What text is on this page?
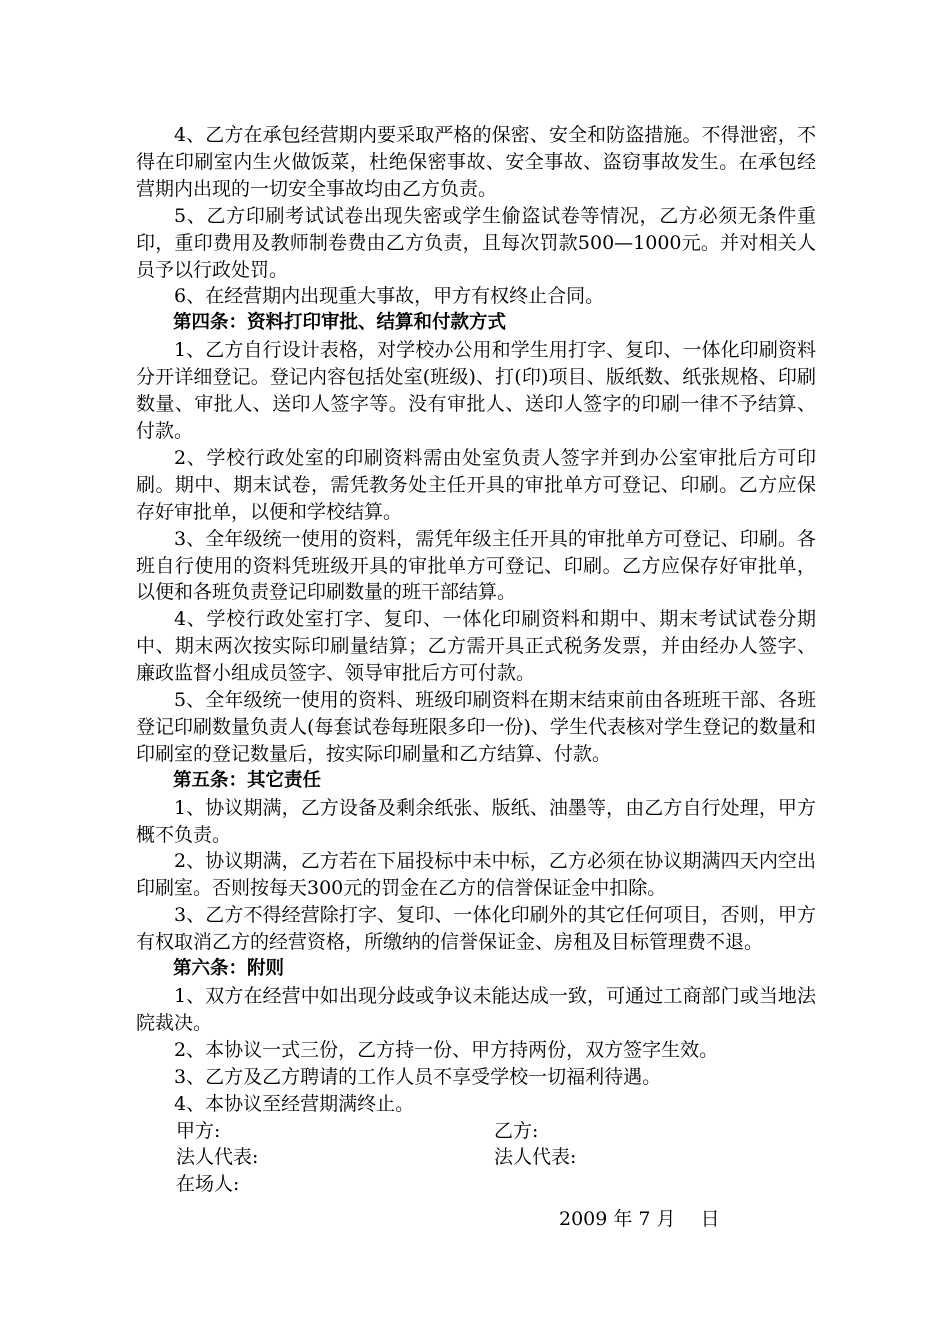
4、乙方在承包经营期内要采取严格的保密、安全和防盗措施。不得泄密，不得在印刷室内生火做饭菜，杜绝保密事故、安全事故、盗窃事故发生。在承包经营期内出现的一切安全事故均由乙方负责。

5、乙方印刷考试试卷出现失密或学生偷盗试卷等情况，乙方必须无条件重印，重印费用及教师制卷费由乙方负责，且每次罚款500—1000元。并对相关人员予以行政处罚。

6、在经营期内出现重大事故，甲方有权终止合同。

第四条：资料打印审批、结算和付款方式

1、乙方自行设计表格，对学校办公用和学生用打字、复印、一体化印刷资料分开详细登记。登记内容包括处室(班级)、打(印)项目、版纸数、纸张规格、印刷数量、审批人、送印人签字等。没有审批人、送印人签字的印刷一律不予结算、付款。

2、学校行政处室的印刷资料需由处室负责人签字并到办公室审批后方可印刷。期中、期末试卷，需凭教务处主任开具的审批单方可登记、印刷。乙方应保存好审批单，以便和学校结算。

3、全年级统一使用的资料，需凭年级主任开具的审批单方可登记、印刷。各班自行使用的资料凭班级开具的审批单方可登记、印刷。乙方应保存好审批单，以便和各班负责登记印刷数量的班干部结算。

4、学校行政处室打字、复印、一体化印刷资料和期中、期末考试试卷分期中、期末两次按实际印刷量结算；乙方需开具正式税务发票，并由经办人签字、廉政监督小组成员签字、领导审批后方可付款。

5、全年级统一使用的资料、班级印刷资料在期末结束前由各班班干部、各班登记印刷数量负责人(每套试卷每班限多印一份)、学生代表核对学生登记的数量和印刷室的登记数量后，按实际印刷量和乙方结算、付款。

第五条：其它责任

1、协议期满，乙方设备及剩余纸张、版纸、油墨等，由乙方自行处理，甲方概不负责。

2、协议期满，乙方若在下届投标中未中标，乙方必须在协议期满四天内空出印刷室。否则按每天300元的罚金在乙方的信誉保证金中扣除。

3、乙方不得经营除打字、复印、一体化印刷外的其它任何项目，否则，甲方有权取消乙方的经营资格，所缴纳的信誉保证金、房租及目标管理费不退。

第六条：附则

1、双方在经营中如出现分歧或争议未能达成一致，可通过工商部门或当地法院裁决。

2、本协议一式三份，乙方持一份、甲方持两份，双方签字生效。

3、乙方及乙方聘请的工作人员不享受学校一切福利待遇。

4、本协议至经营期满终止。

甲方:	乙方:
法人代表:	法人代表:
在场人:
2009 年 7 月　 日
